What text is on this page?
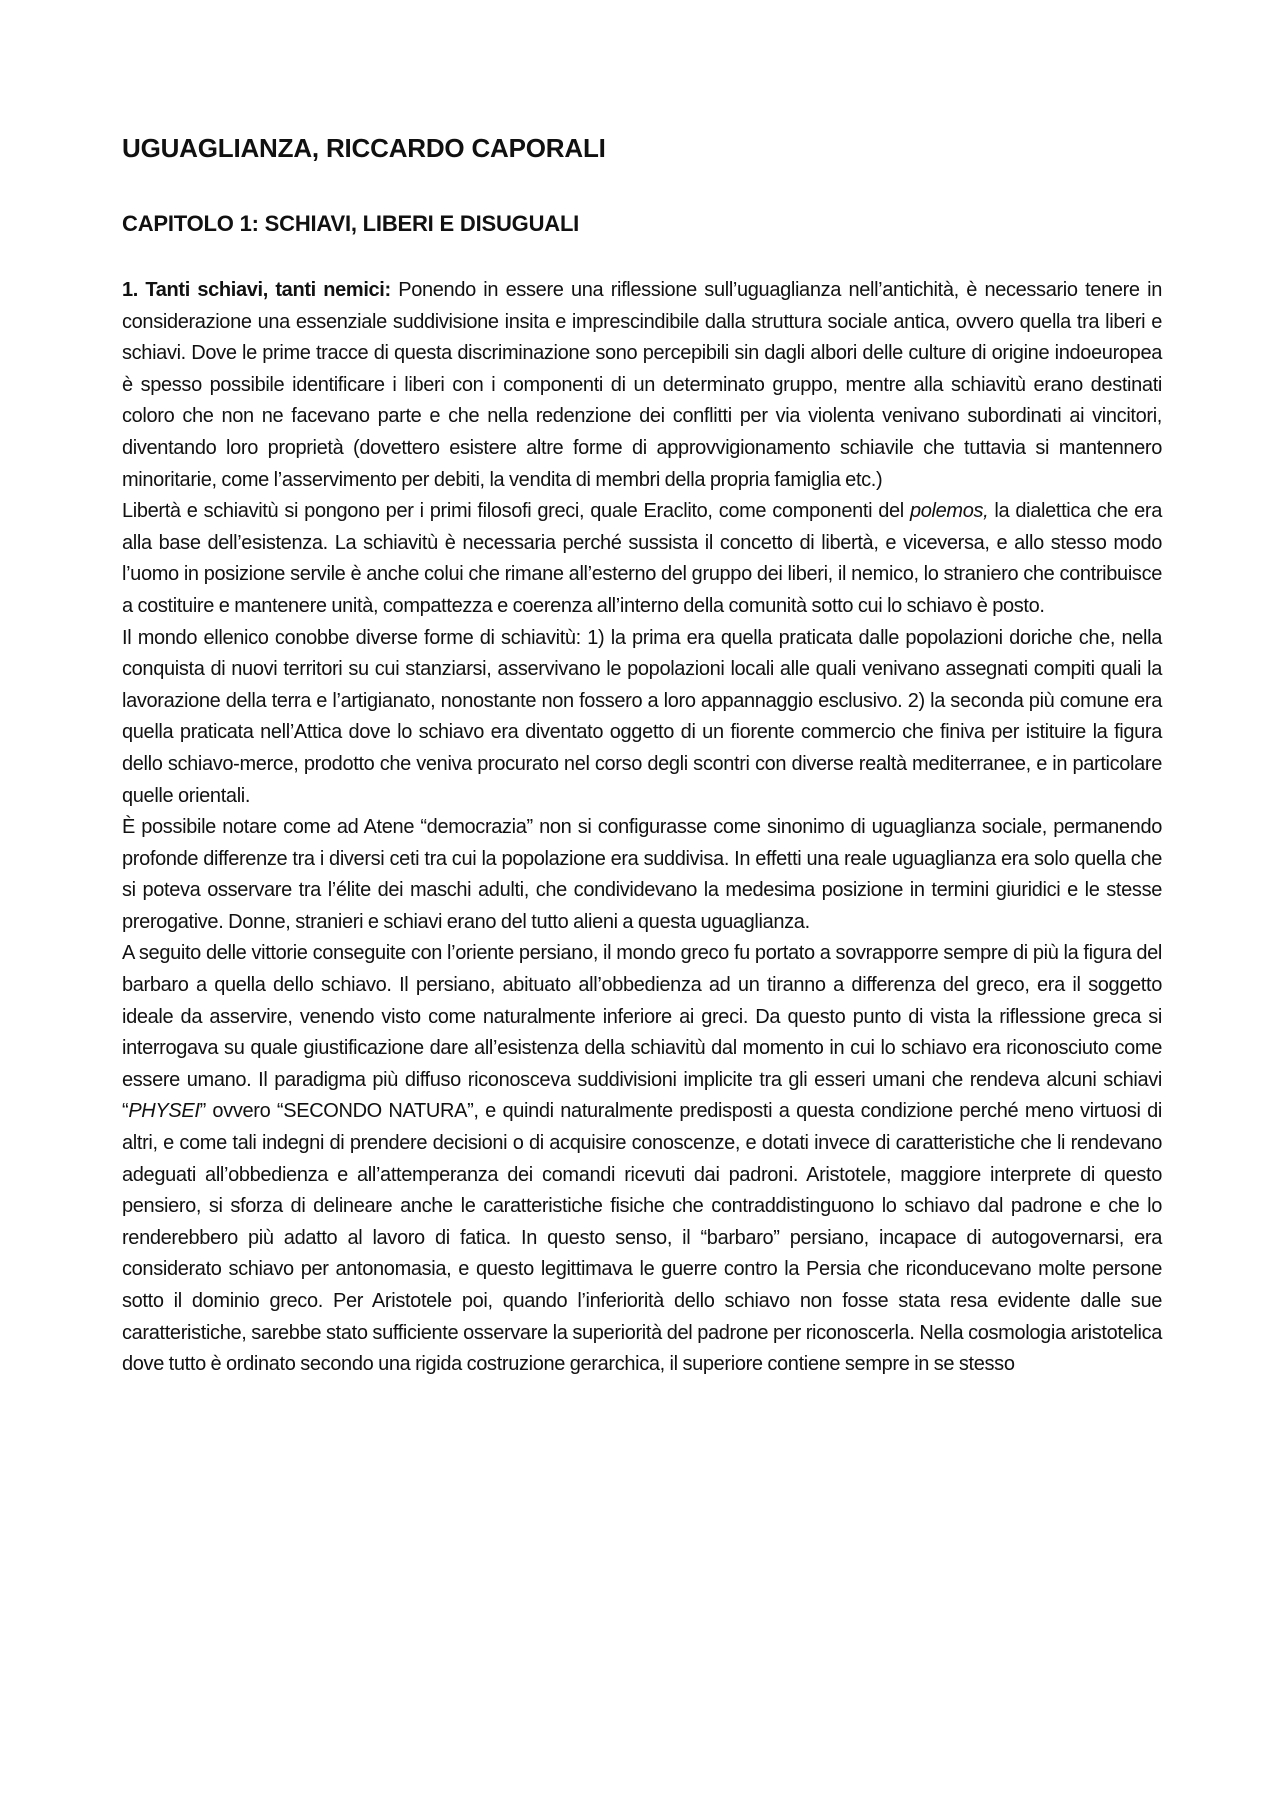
UGUAGLIANZA, RICCARDO CAPORALI
CAPITOLO 1: SCHIAVI, LIBERI E DISUGUALI

1. Tanti schiavi, tanti nemici: Ponendo in essere una riflessione sull’uguaglianza nell’antichità, è necessario tenere in considerazione una essenziale suddivisione insita e imprescindibile dalla struttura sociale antica, ovvero quella tra liberi e schiavi. Dove le prime tracce di questa discriminazione sono percepibili sin dagli albori delle culture di origine indoeuropea è spesso possibile identificare i liberi con i componenti di un determinato gruppo, mentre alla schiavitù erano destinati coloro che non ne facevano parte e che nella redenzione dei conflitti per via violenta venivano subordinati ai vincitori, diventando loro proprietà (dovettero esistere altre forme di approvvigionamento schiavile che tuttavia si mantennero minoritarie, come l’asservimento per debiti, la vendita di membri della propria famiglia etc.)

Libertà e schiavitù si pongono per i primi filosofi greci, quale Eraclito, come componenti del polemos, la dialettica che era alla base dell’esistenza. La schiavitù è necessaria perché sussista il concetto di libertà, e viceversa, e allo stesso modo l’uomo in posizione servile è anche colui che rimane all’esterno del gruppo dei liberi, il nemico, lo straniero che contribuisce a costituire e mantenere unità, compattezza e coerenza all’interno della comunità sotto cui lo schiavo è posto.

Il mondo ellenico conobbe diverse forme di schiavitù: 1) la prima era quella praticata dalle popolazioni doriche che, nella conquista di nuovi territori su cui stanziarsi, asservivano le popolazioni locali alle quali venivano assegnati compiti quali la lavorazione della terra e l’artigianato, nonostante non fossero a loro appannaggio esclusivo. 2) la seconda più comune era quella praticata nell’Attica dove lo schiavo era diventato oggetto di un fiorente commercio che finiva per istituire la figura dello schiavo-merce, prodotto che veniva procurato nel corso degli scontri con diverse realtà mediterranee, e in particolare quelle orientali.

È possibile notare come ad Atene “democrazia” non si configurasse come sinonimo di uguaglianza sociale, permanendo profonde differenze tra i diversi ceti tra cui la popolazione era suddivisa. In effetti una reale uguaglianza era solo quella che si poteva osservare tra l’élite dei maschi adulti, che condividevano la medesima posizione in termini giuridici e le stesse prerogative. Donne, stranieri e schiavi erano del tutto alieni a questa uguaglianza.

A seguito delle vittorie conseguite con l’oriente persiano, il mondo greco fu portato a sovrapporre sempre di più la figura del barbaro a quella dello schiavo. Il persiano, abituato all’obbedienza ad un tiranno a differenza del greco, era il soggetto ideale da asservire, venendo visto come naturalmente inferiore ai greci. Da questo punto di vista la riflessione greca si interrogava su quale giustificazione dare all’esistenza della schiavitù dal momento in cui lo schiavo era riconosciuto come essere umano. Il paradigma più diffuso riconosceva suddivisioni implicite tra gli esseri umani che rendeva alcuni schiavi “PHYSEI” ovvero “SECONDO NATURA”, e quindi naturalmente predisposti a questa condizione perché meno virtuosi di altri, e come tali indegni di prendere decisioni o di acquisire conoscenze, e dotati invece di caratteristiche che li rendevano adeguati all’obbedienza e all’attemperanza dei comandi ricevuti dai padroni. Aristotele, maggiore interprete di questo pensiero, si sforza di delineare anche le caratteristiche fisiche che contraddistinguono lo schiavo dal padrone e che lo renderebbero più adatto al lavoro di fatica. In questo senso, il “barbaro” persiano, incapace di autogovernarsi, era considerato schiavo per antonomasia, e questo legittimava le guerre contro la Persia che riconducevano molte persone sotto il dominio greco. Per Aristotele poi, quando l’inferiorità dello schiavo non fosse stata resa evidente dalle sue caratteristiche, sarebbe stato sufficiente osservare la superiorità del padrone per riconoscerla. Nella cosmologia aristotelica dove tutto è ordinato secondo una rigida costruzione gerarchica, il superiore contiene sempre in se stesso
